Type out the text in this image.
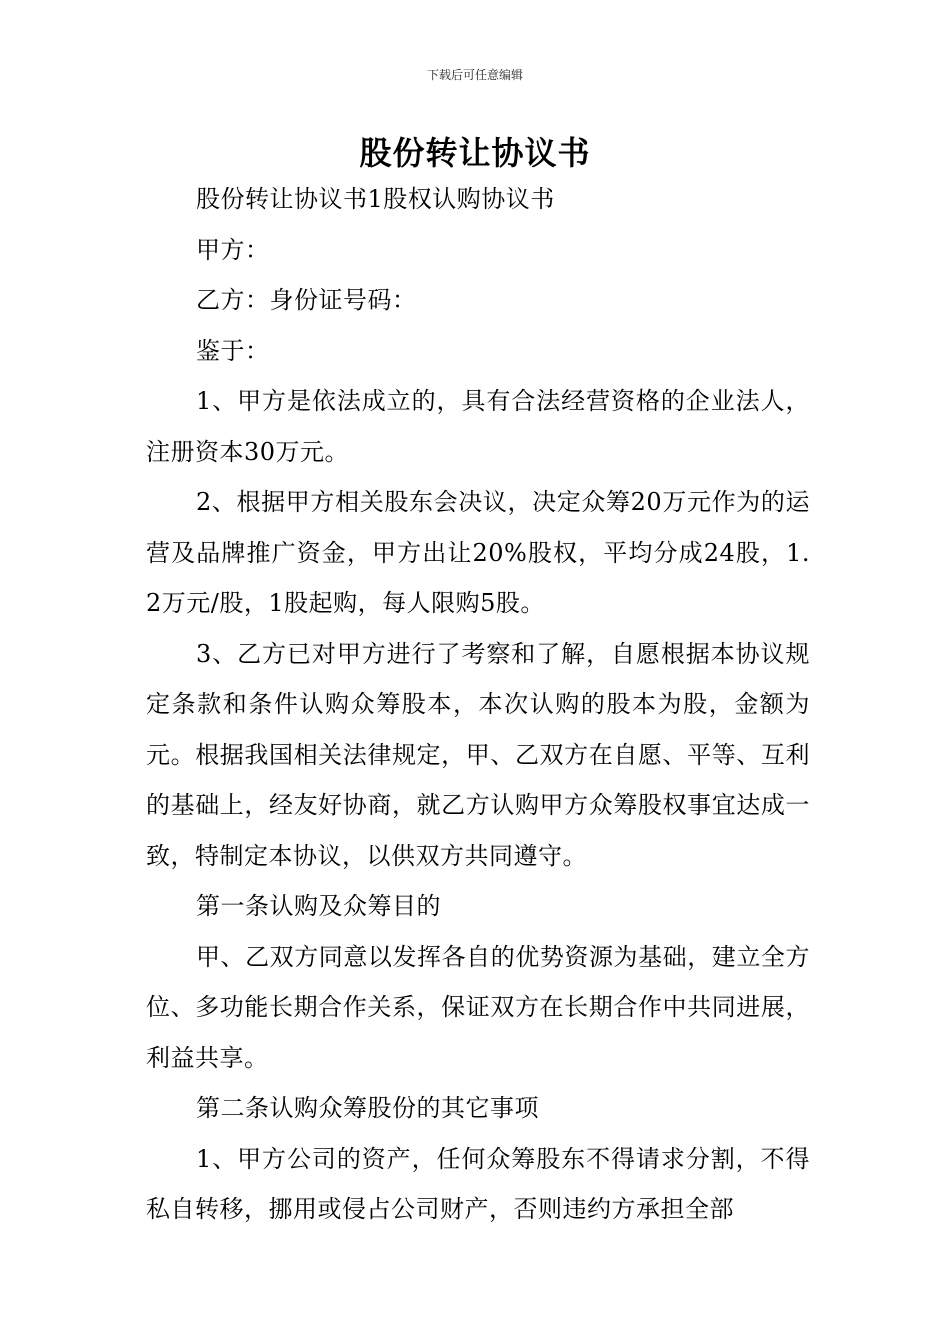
下载后可任意编辑
股份转让协议书

股份转让协议书1股权认购协议书

甲方：

乙方：身份证号码：

鉴于：

1、甲方是依法成立的，具有合法经营资格的企业法人，注册资本30万元。

2、根据甲方相关股东会决议，决定众筹20万元作为的运营及品牌推广资金，甲方出让20%股权，平均分成24股，1.2万元/股，1股起购，每人限购5股。

3、乙方已对甲方进行了考察和了解，自愿根据本协议规定条款和条件认购众筹股本，本次认购的股本为股，金额为元。根据我国相关法律规定，甲、乙双方在自愿、平等、互利的基础上，经友好协商，就乙方认购甲方众筹股权事宜达成一致，特制定本协议，以供双方共同遵守。

第一条认购及众筹目的

甲、乙双方同意以发挥各自的优势资源为基础，建立全方位、多功能长期合作关系，保证双方在长期合作中共同进展，利益共享。

第二条认购众筹股份的其它事项

1、甲方公司的资产，任何众筹股东不得请求分割，不得私自转移，挪用或侵占公司财产，否则违约方承担全部
